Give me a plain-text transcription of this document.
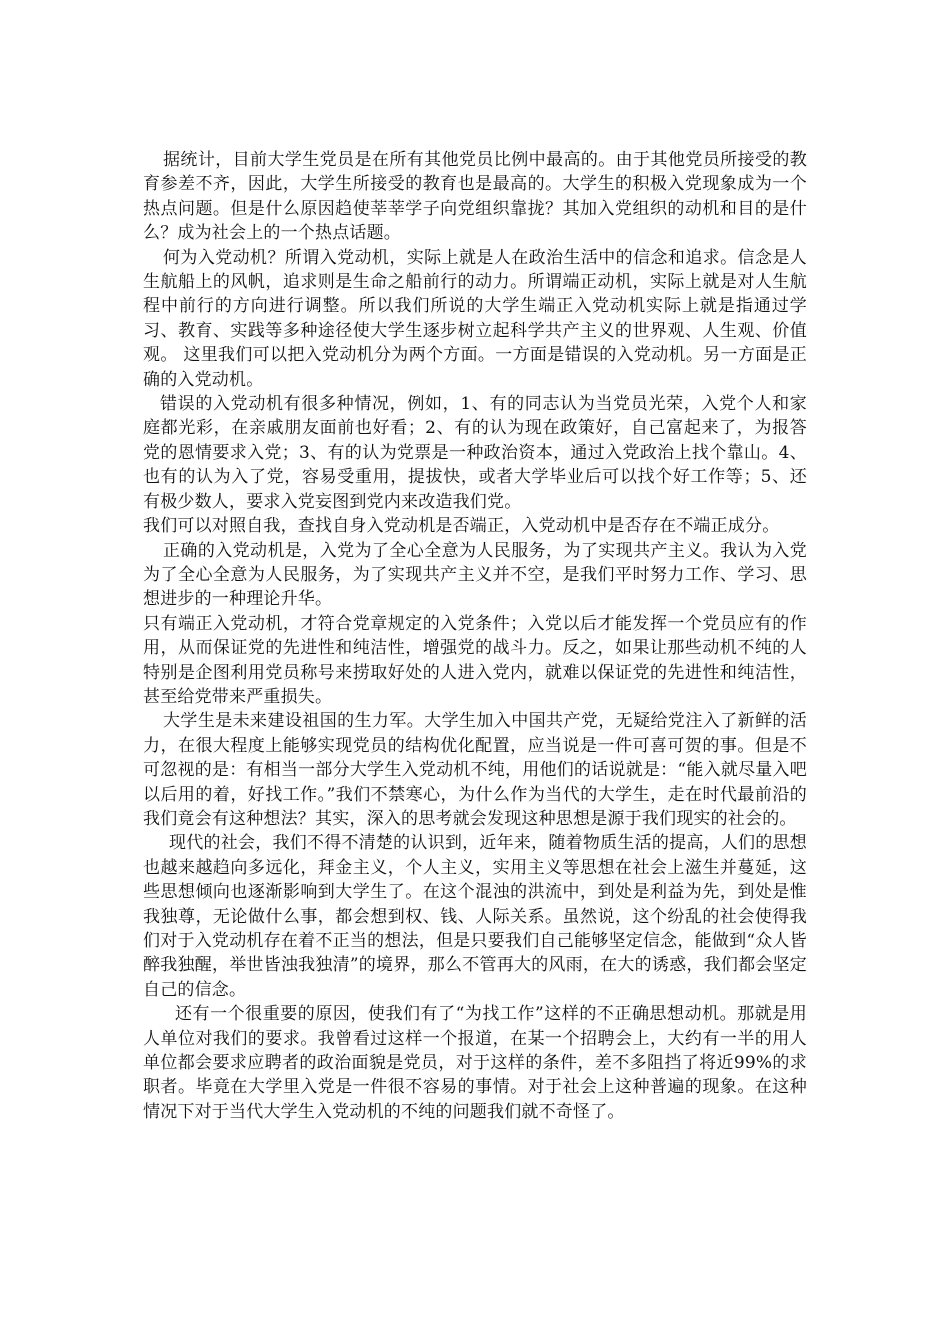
据统计，目前大学生党员是在所有其他党员比例中最高的。由于其他党员所接受的教育参差不齐，因此，大学生所接受的教育也是最高的。大学生的积极入党现象成为一个热点问题。但是什么原因趋使莘莘学子向党组织靠拢？其加入党组织的动机和目的是什么？成为社会上的一个热点话题。

何为入党动机？所谓入党动机，实际上就是人在政治生活中的信念和追求。信念是人生航船上的风帆，追求则是生命之船前行的动力。所谓端正动机，实际上就是对人生航程中前行的方向进行调整。所以我们所说的大学生端正入党动机实际上就是指通过学习、教育、实践等多种途径使大学生逐步树立起科学共产主义的世界观、人生观、价值观。 这里我们可以把入党动机分为两个方面。一方面是错误的入党动机。另一方面是正确的入党动机。

错误的入党动机有很多种情况，例如，1、有的同志认为当党员光荣，入党个人和家庭都光彩，在亲戚朋友面前也好看；2、有的认为现在政策好，自己富起来了，为报答党的恩情要求入党；3、有的认为党票是一种政治资本，通过入党政治上找个靠山。4、也有的认为入了党，容易受重用，提拔快，或者大学毕业后可以找个好工作等；5、还有极少数人，要求入党妄图到党内来改造我们党。

我们可以对照自我，查找自身入党动机是否端正，入党动机中是否存在不端正成分。

正确的入党动机是，入党为了全心全意为人民服务，为了实现共产主义。我认为入党为了全心全意为人民服务，为了实现共产主义并不空，是我们平时努力工作、学习、思想进步的一种理论升华。

只有端正入党动机，才符合党章规定的入党条件；入党以后才能发挥一个党员应有的作用，从而保证党的先进性和纯洁性，增强党的战斗力。反之，如果让那些动机不纯的人特别是企图利用党员称号来捞取好处的人进入党内，就难以保证党的先进性和纯洁性，甚至给党带来严重损失。

大学生是未来建设祖国的生力军。大学生加入中国共产党，无疑给党注入了新鲜的活力，在很大程度上能够实现党员的结构优化配置，应当说是一件可喜可贺的事。但是不可忽视的是：有相当一部分大学生入党动机不纯，用他们的话说就是：“能入就尽量入吧以后用的着，好找工作。”我们不禁寒心，为什么作为当代的大学生，走在时代最前沿的我们竟会有这种想法？其实，深入的思考就会发现这种思想是源于我们现实的社会的。

现代的社会，我们不得不清楚的认识到，近年来，随着物质生活的提高，人们的思想也越来越趋向多远化，拜金主义，个人主义，实用主义等思想在社会上滋生并蔓延，这些思想倾向也逐渐影响到大学生了。在这个混浊的洪流中，到处是利益为先，到处是惟我独尊，无论做什么事，都会想到权、钱、人际关系。虽然说，这个纷乱的社会使得我们对于入党动机存在着不正当的想法，但是只要我们自己能够坚定信念，能做到“众人皆醉我独醒，举世皆浊我独清”的境界，那么不管再大的风雨，在大的诱惑，我们都会坚定自己的信念。

还有一个很重要的原因，使我们有了“为找工作”这样的不正确思想动机。那就是用人单位对我们的要求。我曾看过这样一个报道，在某一个招聘会上，大约有一半的用人单位都会要求应聘者的政治面貌是党员，对于这样的条件，差不多阻挡了将近99%的求职者。毕竟在大学里入党是一件很不容易的事情。对于社会上这种普遍的现象。在这种情况下对于当代大学生入党动机的不纯的问题我们就不奇怪了。
